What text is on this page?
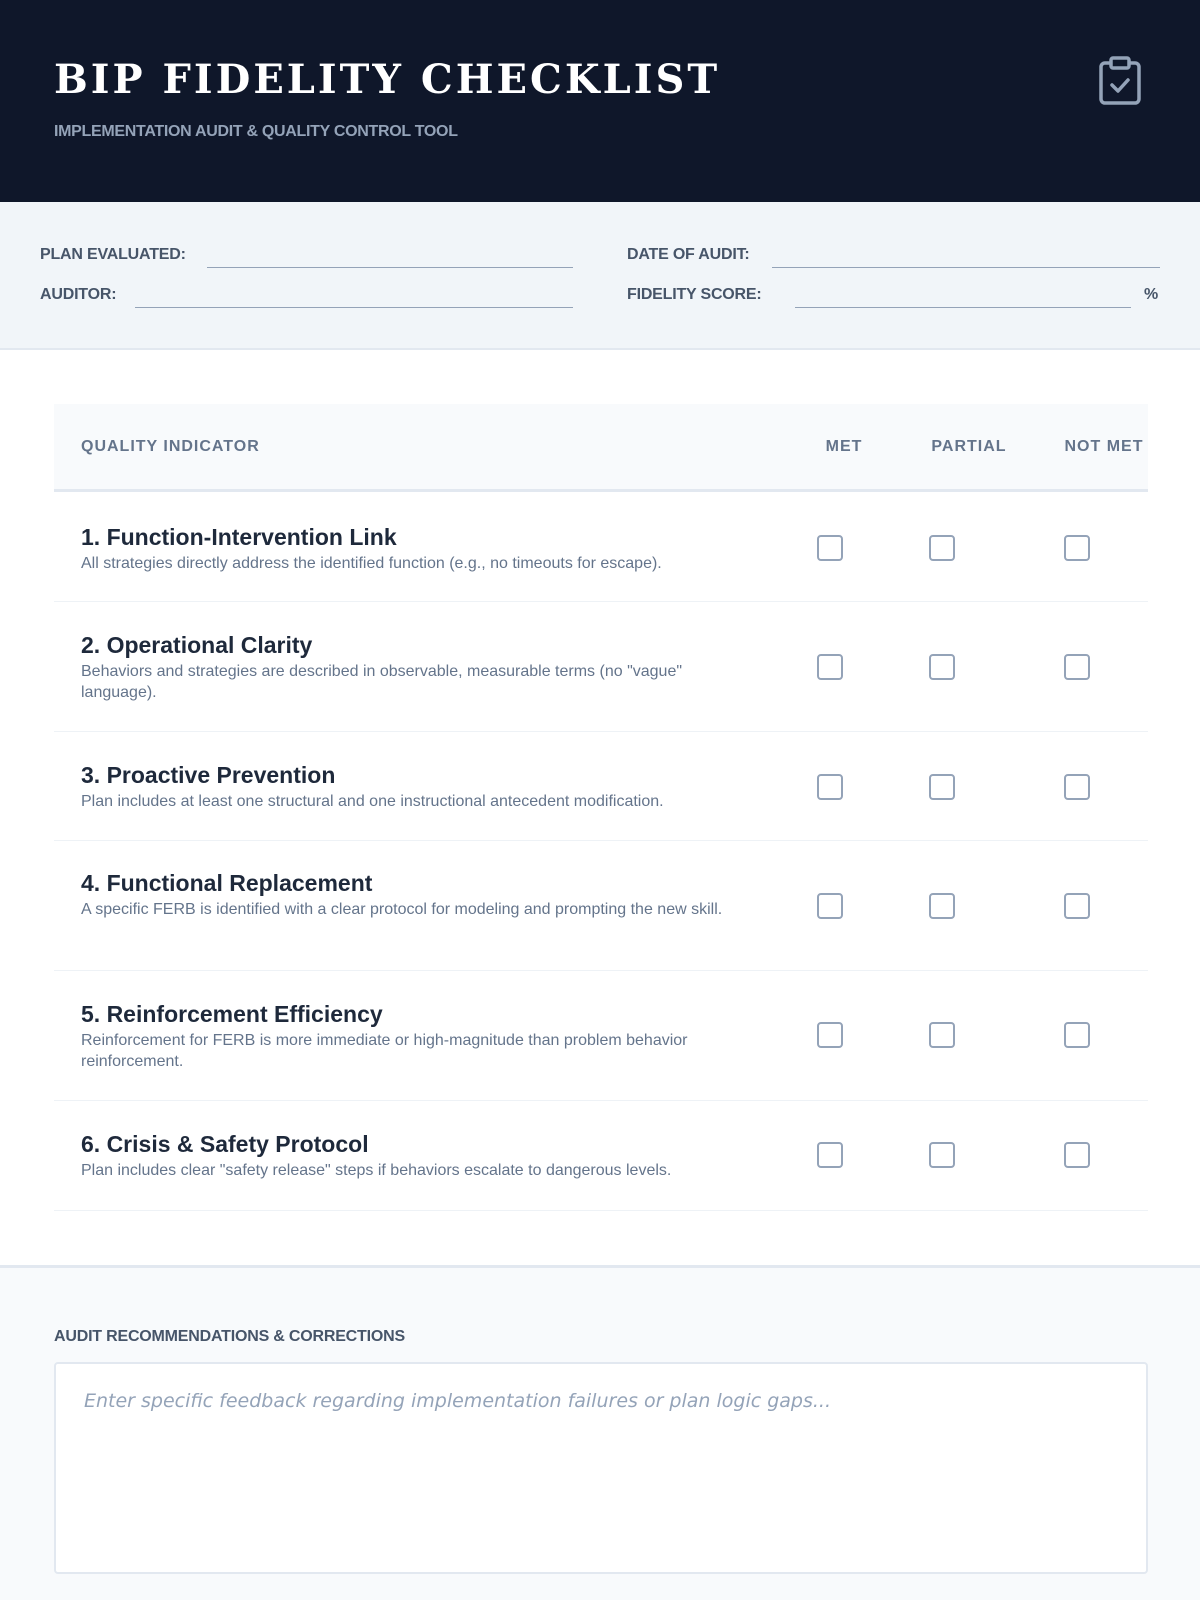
BIP FIDELITY CHECKLIST
IMPLEMENTATION AUDIT & QUALITY CONTROL TOOL
PLAN EVALUATED:	DATE OF AUDIT:
AUDITOR:	FIDELITY SCORE:	%
QUALITY INDICATOR	MET	PARTIAL	NOT MET
1. Function-Intervention Link
All strategies directly address the identified function (e.g., no timeouts for escape).
2. Operational Clarity
Behaviors and strategies are described in observable, measurable terms (no "vague" language).
3. Proactive Prevention
Plan includes at least one structural and one instructional antecedent modification.
4. Functional Replacement
A specific FERB is identified with a clear protocol for modeling and prompting the new skill.
5. Reinforcement Efficiency
Reinforcement for FERB is more immediate or high-magnitude than problem behavior reinforcement.
6. Crisis & Safety Protocol
Plan includes clear "safety release" steps if behaviors escalate to dangerous levels.
AUDIT RECOMMENDATIONS & CORRECTIONS
Enter specific feedback regarding implementation failures or plan logic gaps...
